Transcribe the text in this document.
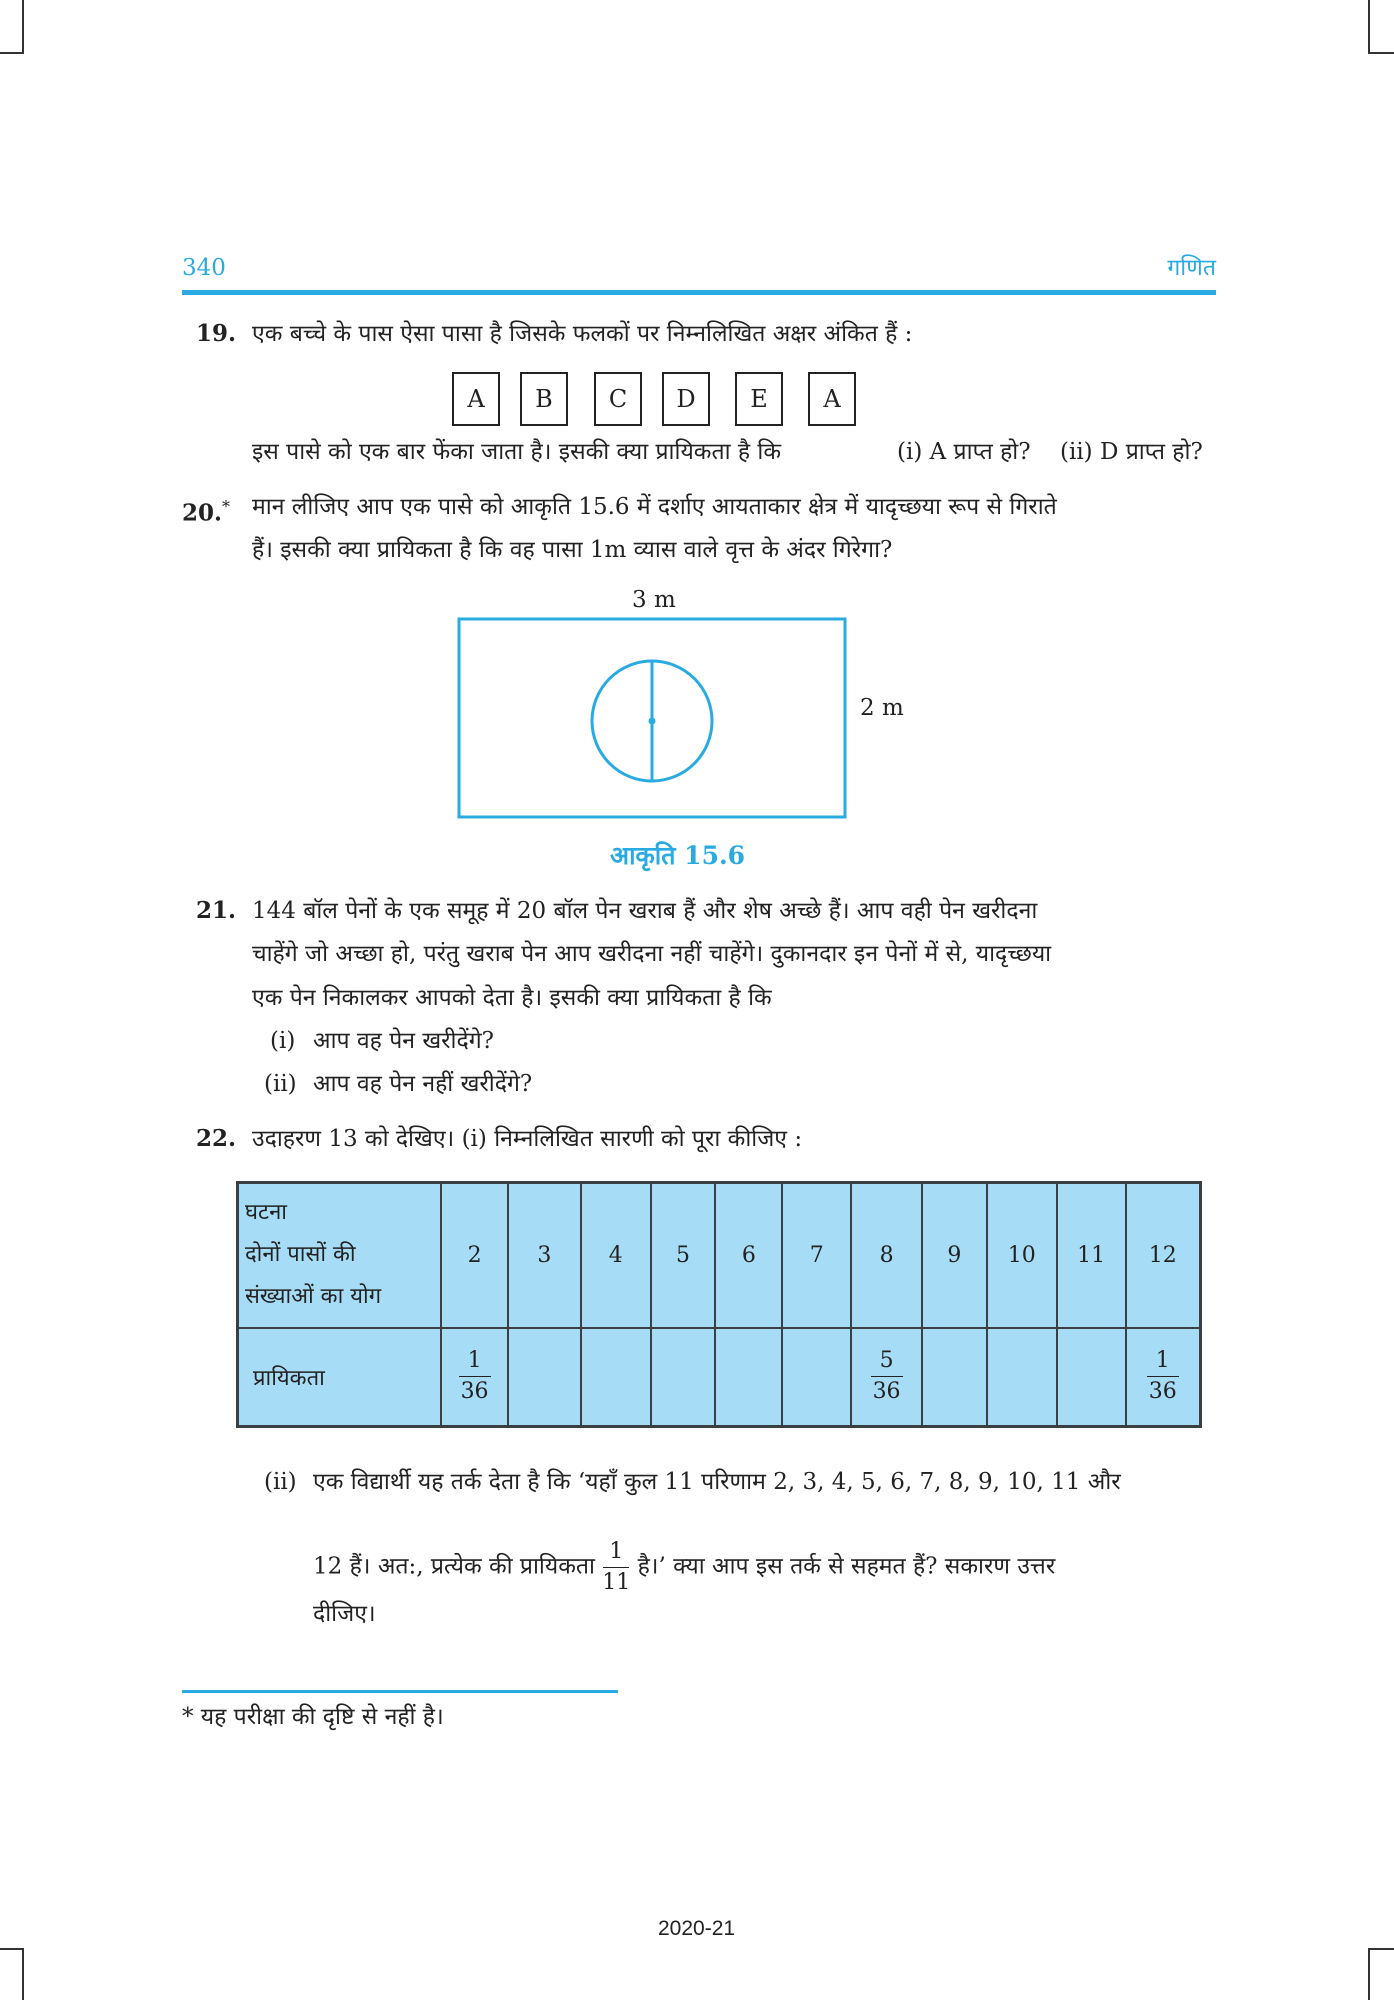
340	गणित
19. एक बच्चे के पास ऐसा पासा है जिसके फलकों पर निम्नलिखित अक्षर अंकित हैं :
A	B	C	D	E	A
इस पासे को एक बार फेंका जाता है। इसकी क्या प्रायिकता है कि	(i) A प्राप्त हो? (ii) D प्राप्त हो?
20.* मान लीजिए आप एक पासे को आकृति 15.6 में दर्शाए आयताकार क्षेत्र में यादृच्छया रूप से गिराते
हैं। इसकी क्या प्रायिकता है कि वह पासा 1m व्यास वाले वृत्त के अंदर गिरेगा?
3 m
2 m
आकृति 15.6
21. 144 बॉल पेनों के एक समूह में 20 बॉल पेन खराब हैं और शेष अच्छे हैं। आप वही पेन खरीदना
चाहेंगे जो अच्छा हो, परंतु खराब पेन आप खरीदना नहीं चाहेंगे। दुकानदार इन पेनों में से, यादृच्छया
एक पेन निकालकर आपको देता है। इसकी क्या प्रायिकता है कि
(i) आप वह पेन खरीदेंगे?
(ii) आप वह पेन नहीं खरीदेंगे?
22. उदाहरण 13 को देखिए। (i) निम्नलिखित सारणी को पूरा कीजिए :
घटना
दोनों पासों की
संख्याओं का योग	2	3	4	5	6	7	8	9	10	11	12
प्रायिकता	$\frac{1}{36}$						$\frac{5}{36}$				$\frac{1}{36}$
(ii) एक विद्यार्थी यह तर्क देता है कि ‘यहाँ कुल 11 परिणाम 2, 3, 4, 5, 6, 7, 8, 9, 10, 11 और
12 हैं। अत:, प्रत्येक की प्रायिकता $\frac{1}{11}$ है।’ क्या आप इस तर्क से सहमत हैं? सकारण उत्तर
दीजिए।
* यह परीक्षा की दृष्टि से नहीं है।
2020-21
